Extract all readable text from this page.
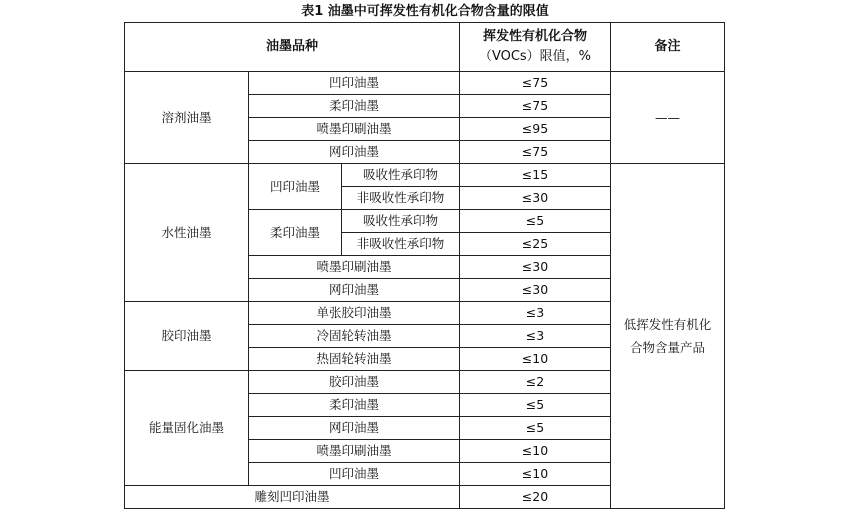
表1 油墨中可挥发性有机化合物含量的限值
油墨品种			挥发性有机化合物
（VOCs）限值，%	备注
溶剂油墨	凹印油墨		≤75	——
	柔印油墨		≤75	
	喷墨印刷油墨		≤95	
	网印油墨		≤75	
水性油墨	凹印油墨	吸收性承印物	≤15	低挥发性有机化合物含量产品
		非吸收性承印物	≤30	
	柔印油墨	吸收性承印物	≤5	
		非吸收性承印物	≤25	
	喷墨印刷油墨		≤30	
	网印油墨		≤30	
胶印油墨	单张胶印油墨		≤3	
	冷固轮转油墨		≤3	
	热固轮转油墨		≤10	
能量固化油墨	胶印油墨		≤2	
	柔印油墨		≤5	
	网印油墨		≤5	
	喷墨印刷油墨		≤10	
	凹印油墨		≤10	
雕刻凹印油墨			≤20	
